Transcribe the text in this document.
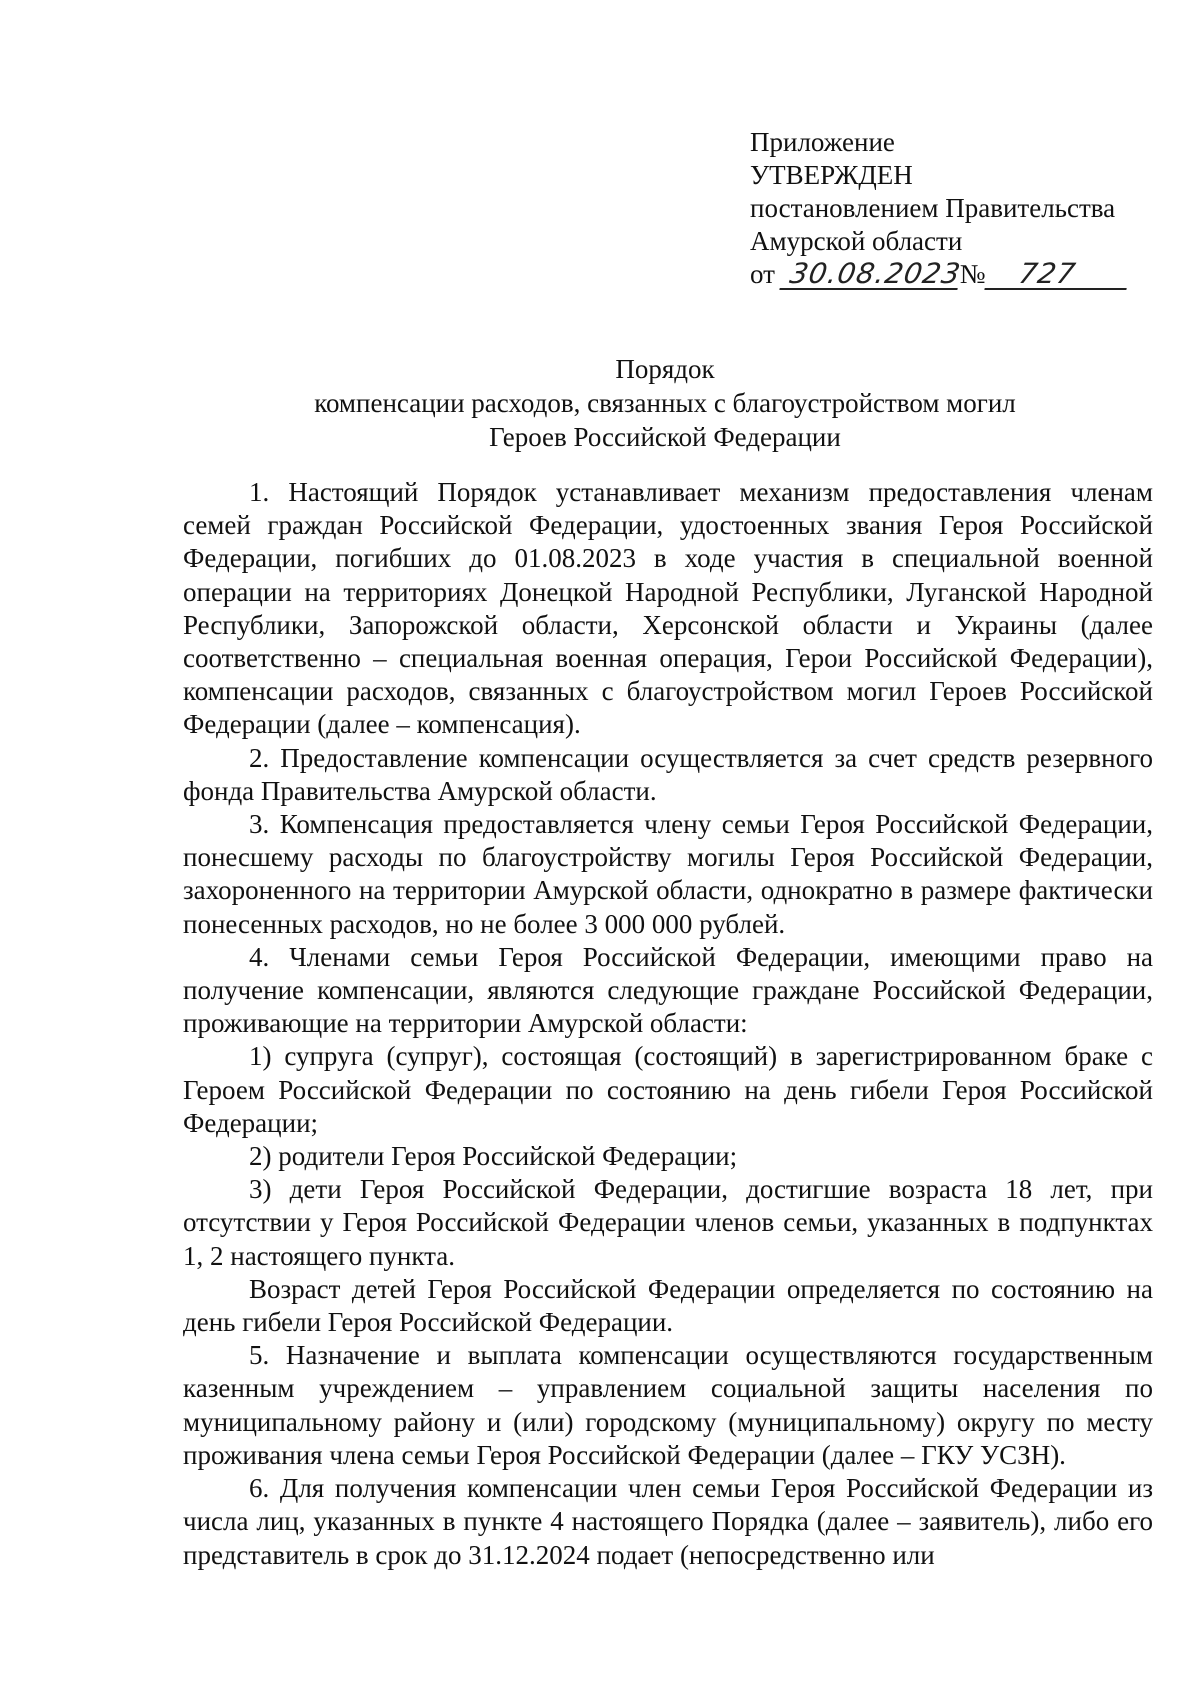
Приложение
УТВЕРЖДЕН
постановлением Правительства
Амурской области
от 30.08.2023№ 727
Порядок
компенсации расходов, связанных с благоустройством могил
Героев Российской Федерации

1. Настоящий Порядок устанавливает механизм предоставления членам семей граждан Российской Федерации, удостоенных звания Героя Российской Федерации, погибших до 01.08.2023 в ходе участия в специальной военной операции на территориях Донецкой Народной Республики, Луганской Народной Республики, Запорожской области, Херсонской области и Украины (далее соответственно – специальная военная операция, Герои Российской Федерации), компенсации расходов, связанных с благоустройством могил Героев Российской Федерации (далее – компенсация).

2. Предоставление компенсации осуществляется за счет средств резервного фонда Правительства Амурской области.

3. Компенсация предоставляется члену семьи Героя Российской Федерации, понесшему расходы по благоустройству могилы Героя Российской Федерации, захороненного на территории Амурской области, однократно в размере фактически понесенных расходов, но не более 3 000 000 рублей.

4. Членами семьи Героя Российской Федерации, имеющими право на получение компенсации, являются следующие граждане Российской Федерации, проживающие на территории Амурской области:

1) супруга (супруг), состоящая (состоящий) в зарегистрированном браке с Героем Российской Федерации по состоянию на день гибели Героя Российской Федерации;

2) родители Героя Российской Федерации;

3) дети Героя Российской Федерации, достигшие возраста 18 лет, при отсутствии у Героя Российской Федерации членов семьи, указанных в подпунктах 1, 2 настоящего пункта.

Возраст детей Героя Российской Федерации определяется по состоянию на день гибели Героя Российской Федерации.

5. Назначение и выплата компенсации осуществляются государственным казенным учреждением – управлением социальной защиты населения по муниципальному району и (или) городскому (муниципальному) округу по месту проживания члена семьи Героя Российской Федерации (далее – ГКУ УСЗН).

6. Для получения компенсации член семьи Героя Российской Федерации из числа лиц, указанных в пункте 4 настоящего Порядка (далее – заявитель), либо его представитель в срок до 31.12.2024 подает (непосредственно или
